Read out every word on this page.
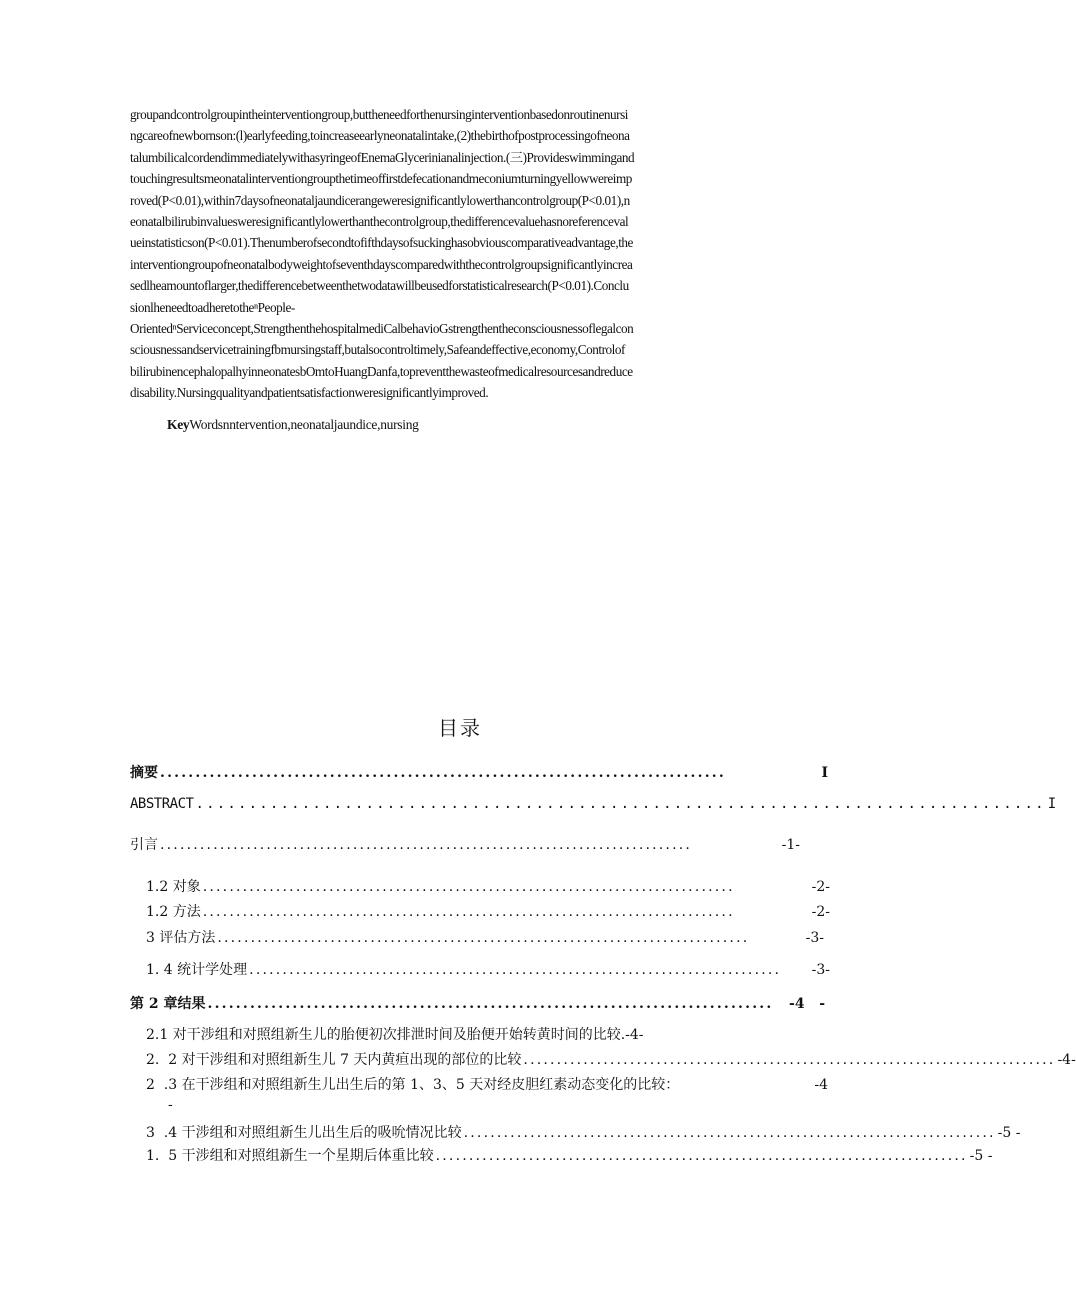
groupandcontrolgroupintheinterventiongroup,buttheneedforthenursinginterventionbasedonroutinenursi
ngcareofnewbornson:(l)earlyfeeding,toincreaseearlyneonatalintake,(2)thebirthofpostprocessingofneona
talumbilicalcordendimmediatelywithasyringeofEnemaGlycerinianalinjection.(三)Provideswimmingand
touchingresultsmeonatalinterventiongroupthetimeoffirstdefecationandmeconiumturningyellowwereimp
roved(P<0.01),within7daysofneonataljaundicerangeweresignificantlylowerthancontrolgroup(P<0.01),n
eonatalbilirubinvaluesweresignificantlylowerthanthecontrolgroup,thedifferencevaluehasnoreferenceval
ueinstatisticson(P<0.01).Thenumberofsecondtofifthdaysofsuckinghasobviouscomparativeadvantage,the
interventiongroupofneonatalbodyweightofseventhdayscomparedwiththecontrolgroupsignificantlyincrea
sedlheamountoflarger,thedifferencebetweenthetwodatawillbeusedforstatisticalresearch(P<0.01).Conclu
sionlheneedtoadheretotheⁿPeople-
OrientedⁿServiceconcept,StrengthenthehospitalmediCalbehavioGstrengthentheconsciousnessoflegalcon
sciousnessandservicetrainingfbmursingstaff,butalsocontroltimely,Safeandeffective,economy,Controlof
bilirubinencephalopalhyinneonatesbOmtoHuangDanfa,topreventthewasteofmedicalresourcesandreduce
disability.Nursingqualityandpatientsatisfactionweresignificantlyimproved.
KeyWordsnntervention,neonataljaundice,nursing
目录
摘要 ................................................................................	I
ABSTRACT ................................................................................ I
引言 ................................................................................	-1-
1.2 对象 ................................................................................	-2-
1.2 方法 ................................................................................	-2-
3 评估方法 ................................................................................	-3-
1. 4 统计学处理 ................................................................................	-3-
第 2 章结果 ................................................................................	-4   -
2.1 对干涉组和对照组新生儿的胎便初次排泄时间及胎便开始转黄时间的比较.-4-
2.  2 对干涉组和对照组新生儿 7 天内黄疸出现的部位的比较 ................................................................................ -4-
2  .3 在干涉组和对照组新生儿出生后的第 1、3、5 天对经皮胆红素动态变化的比较：	-4
-
3  .4 干涉组和对照组新生儿出生后的吸吮情况比较 ................................................................................ -5 -
1.  5 干涉组和对照组新生一个星期后体重比较 ................................................................................ -5 -
